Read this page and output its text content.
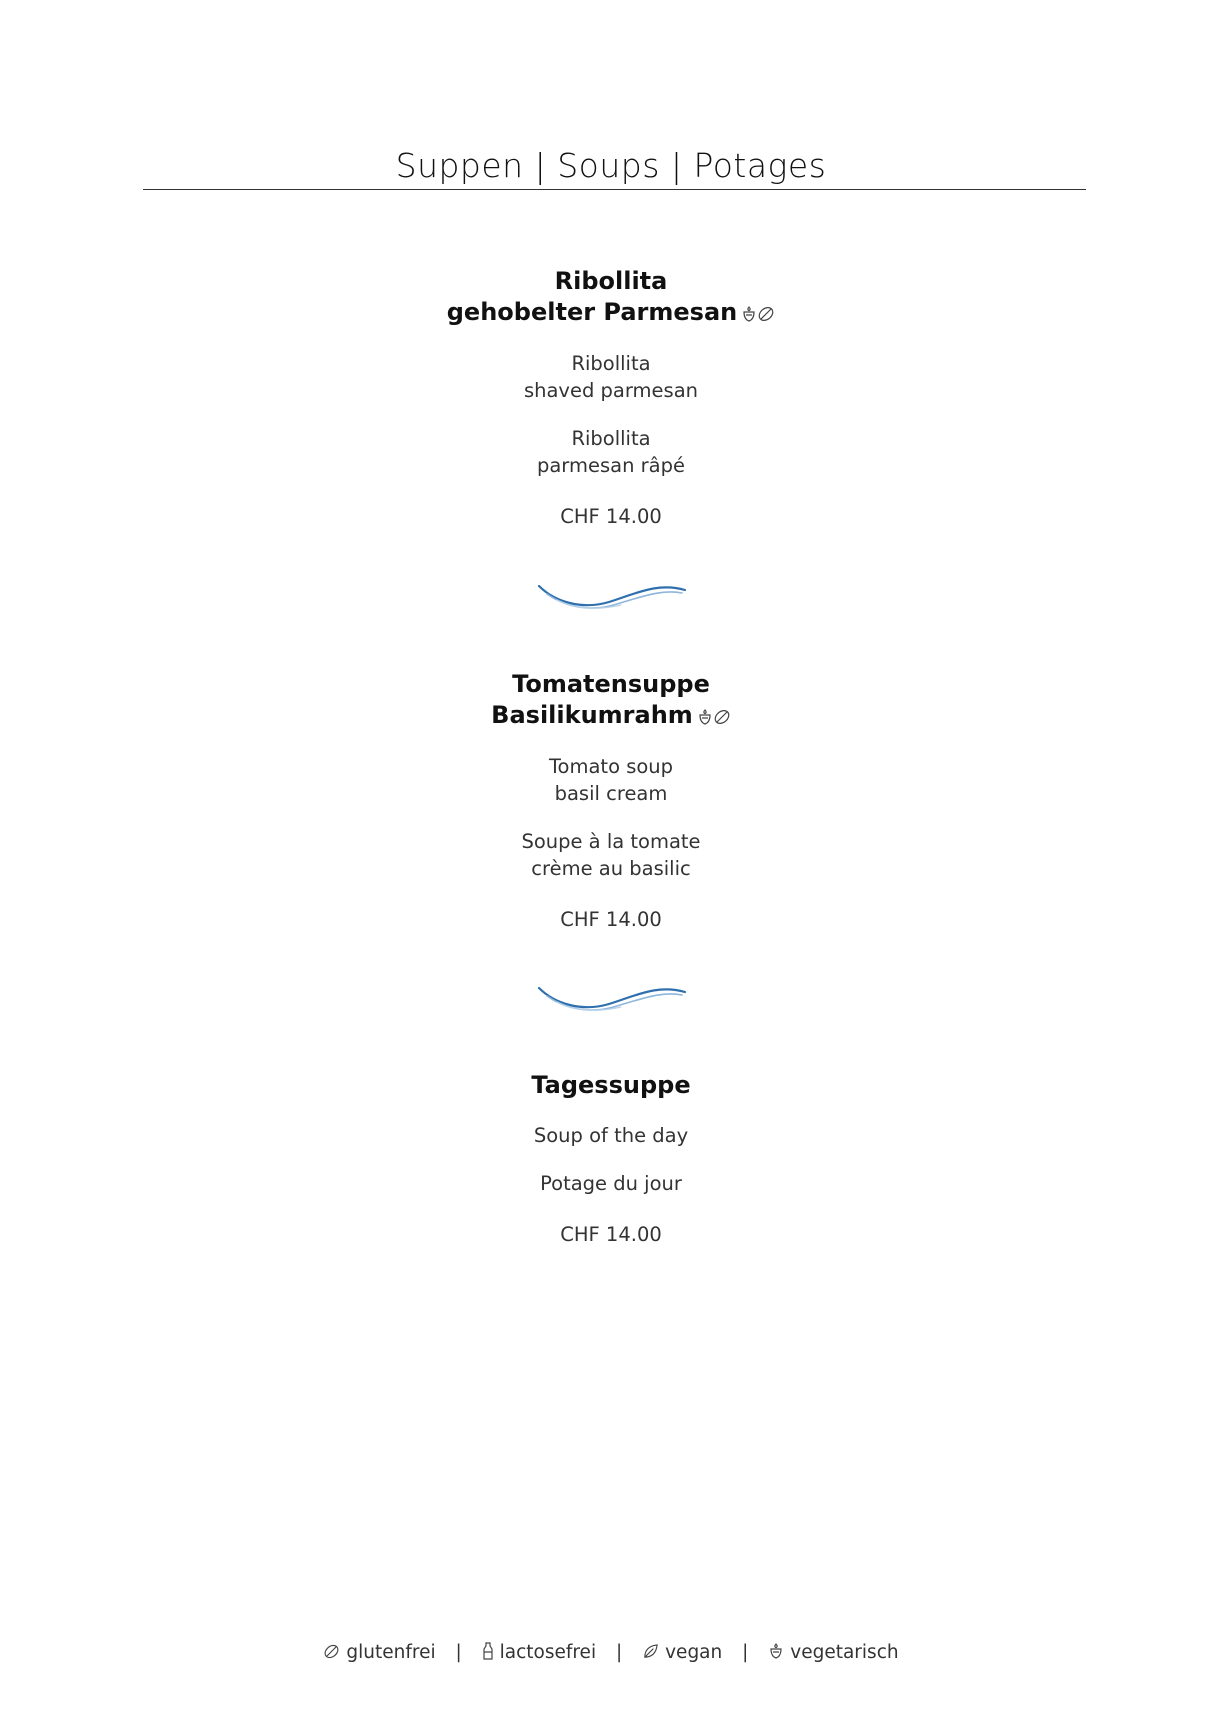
Suppen | Soups | Potages
Ribollita
gehobelter Parmesan
Ribollita
shaved parmesan
Ribollita
parmesan râpé
CHF 14.00
Tomatensuppe
Basilikumrahm
Tomato soup
basil cream
Soupe à la tomate
crème au basilic
CHF 14.00
Tagessuppe
Soup of the day
Potage du jour
CHF 14.00
glutenfrei | lactosefrei | vegan | vegetarisch
